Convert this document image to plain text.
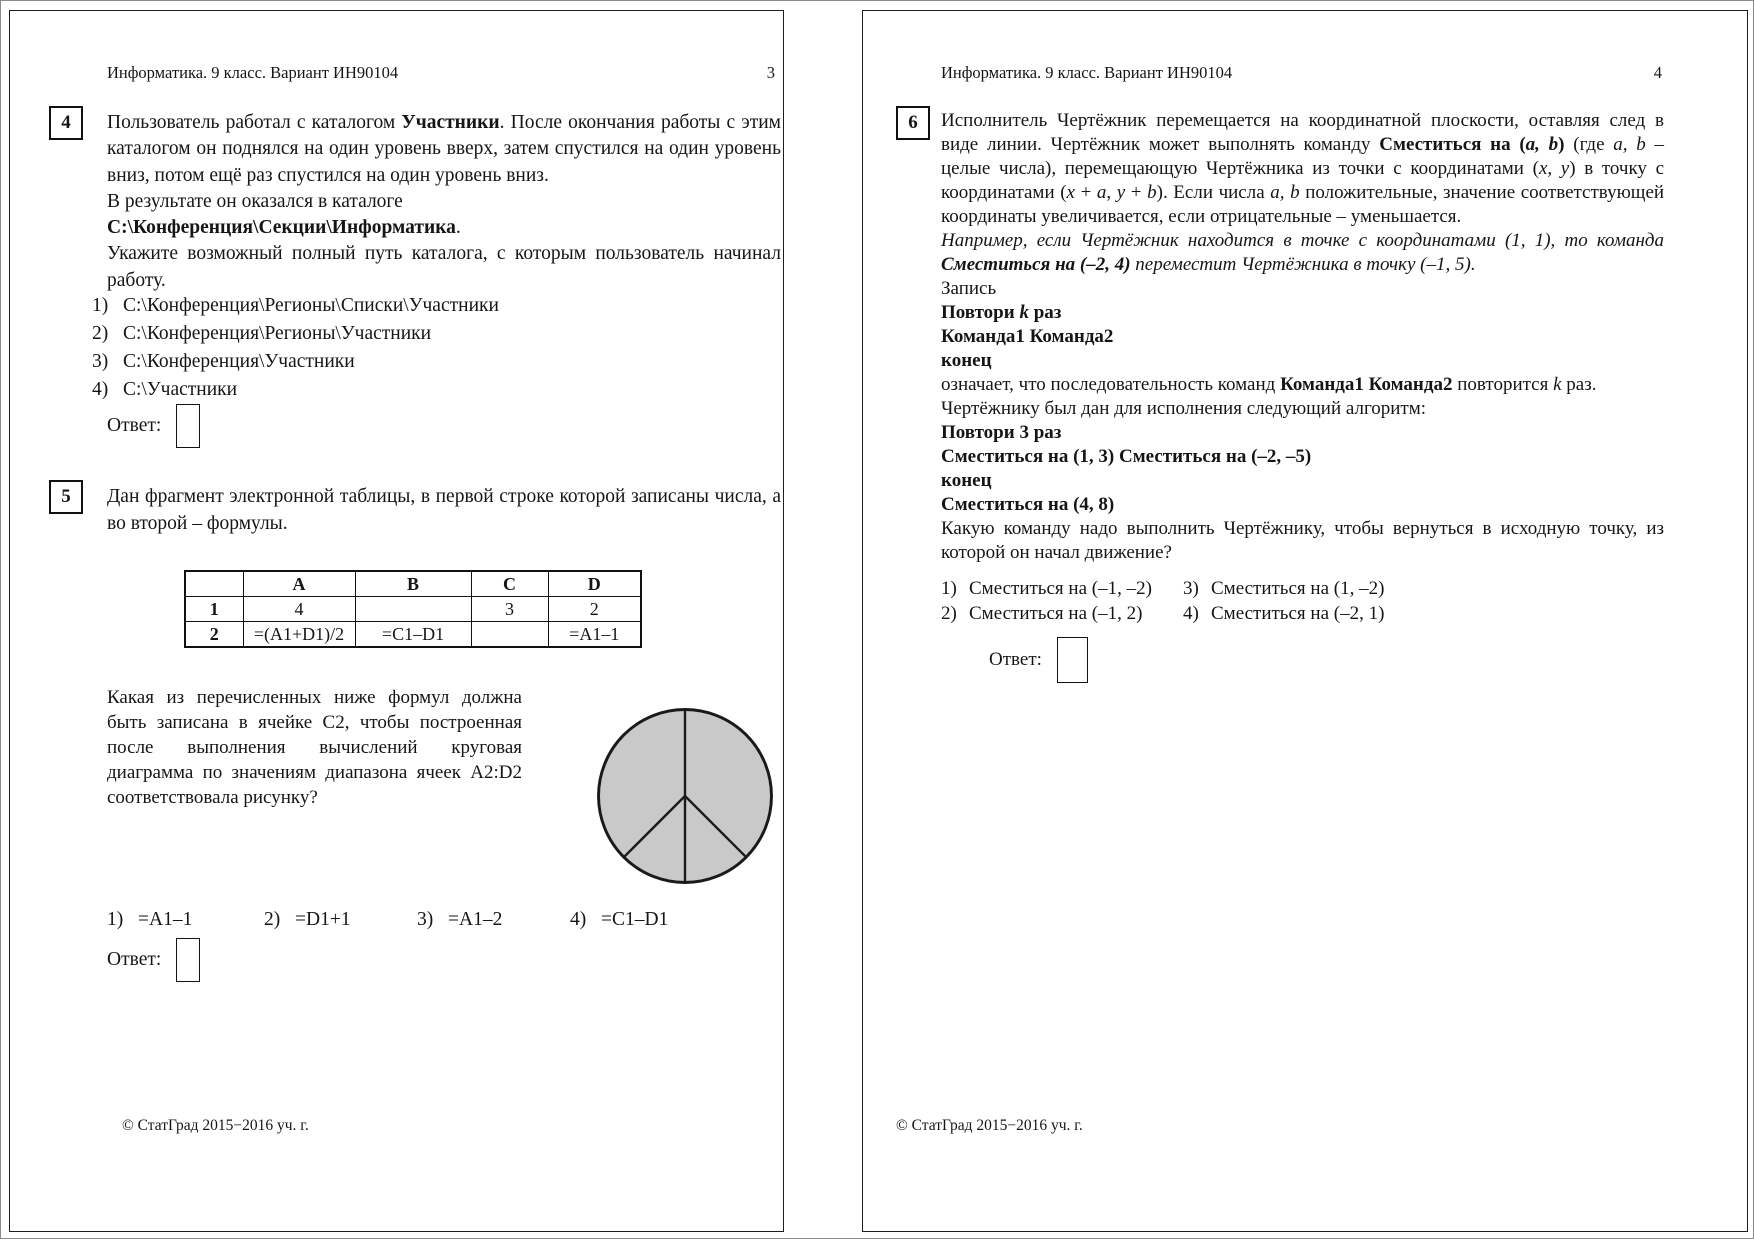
Информатика. 9 класс. Вариант ИН90104	3
4 Пользователь работал с каталогом Участники. После окончания работы с этим каталогом он поднялся на один уровень вверх, затем спустился на один уровень вниз, потом ещё раз спустился на один уровень вниз.

В результате он оказался в каталоге

C:\Конференция\Секции\Информатика.

Укажите возможный полный путь каталога, с которым пользователь начинал работу.

1) C:\Конференция\Регионы\Списки\Участники
2) C:\Конференция\Регионы\Участники
3) C:\Конференция\Участники
4) C:\Участники
Ответ:
5 Дан фрагмент электронной таблицы, в первой строке которой записаны числа, а во второй – формулы.

	A	B	C	D
1	4		3	2
2	=(A1+D1)/2	=C1–D1		=A1–1

Какая из перечисленных ниже формул должна быть записана в ячейке C2, чтобы построенная после выполнения вычислений круговая диаграмма по значениям диапазона ячеек A2:D2 соответствовала рисунку?

1) =A1–1	2) =D1+1	3) =A1–2	4) =C1–D1
Ответ:
© СтатГрад 2015−2016 уч. г.
Информатика. 9 класс. Вариант ИН90104	4
6 Исполнитель Чертёжник перемещается на координатной плоскости, оставляя след в виде линии. Чертёжник может выполнять команду Сместиться на (a, b) (где a, b – целые числа), перемещающую Чертёжника из точки с координатами (x, y) в точку с координатами (x + a, y + b). Если числа a, b положительные, значение соответствующей координаты увеличивается, если отрицательные – уменьшается.

Например, если Чертёжник находится в точке с координатами (1, 1), то команда Сместиться на (–2, 4) переместит Чертёжника в точку (–1, 5).

Запись

Повтори k раз

Команда1 Команда2

конец

означает, что последовательность команд Команда1 Команда2 повторится k раз.

Чертёжнику был дан для исполнения следующий алгоритм:

Повтори 3 раз

Сместиться на (1, 3) Сместиться на (–2, –5)

конец

Сместиться на (4, 8)

Какую команду надо выполнить Чертёжнику, чтобы вернуться в исходную точку, из которой он начал движение?

1) Сместиться на (–1, –2)	3) Сместиться на (1, –2)
2) Сместиться на (–1, 2)	4) Сместиться на (–2, 1)
Ответ:
© СтатГрад 2015−2016 уч. г.
